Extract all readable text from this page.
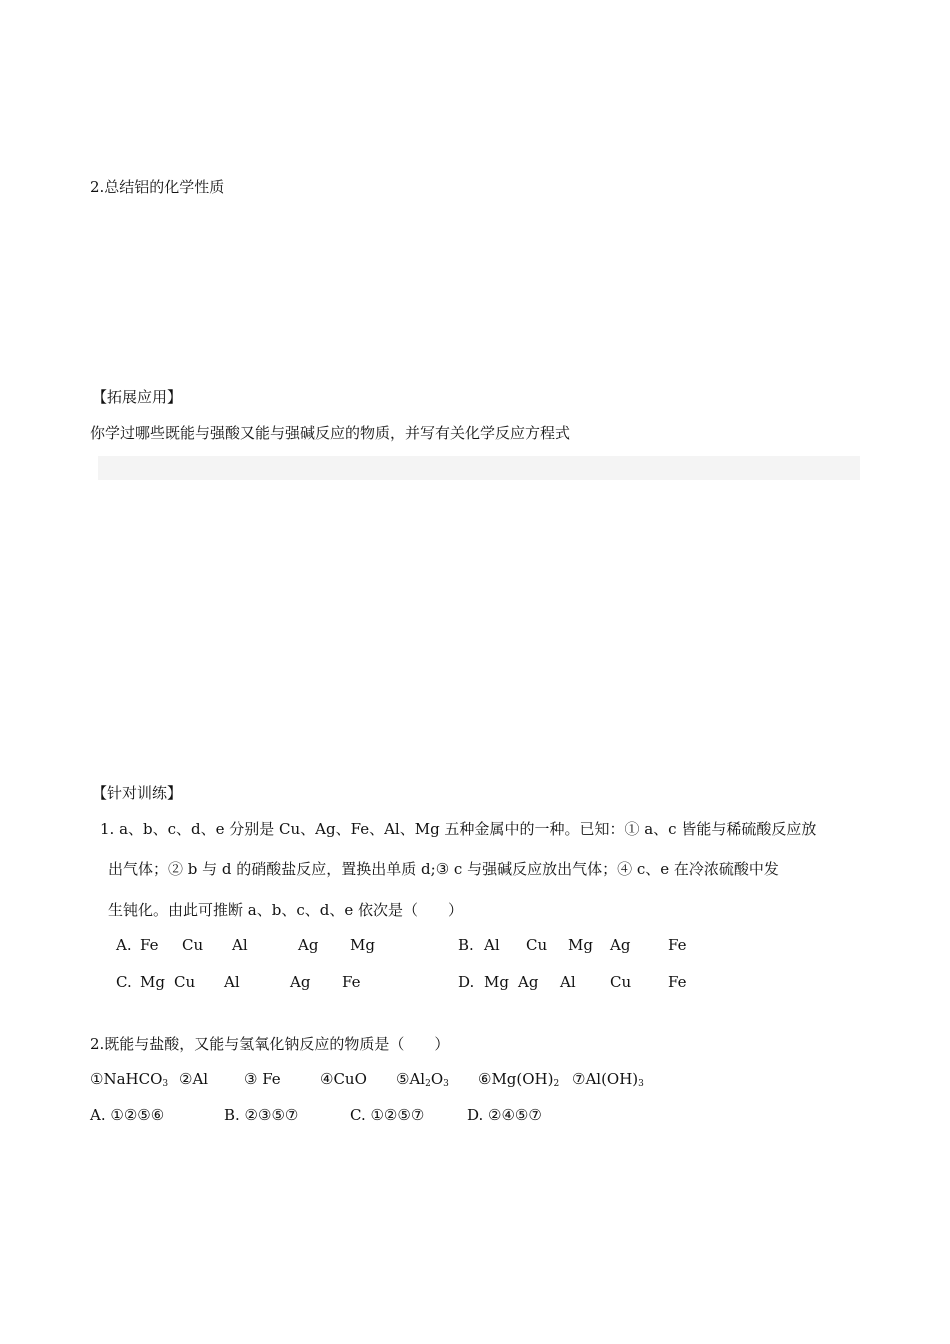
2.总结铝的化学性质
【拓展应用】
你学过哪些既能与强酸又能与强碱反应的物质，并写有关化学反应方程式
【针对训练】
1. a、b、c、d、e 分别是 Cu、Ag、Fe、Al、Mg 五种金属中的一种。已知：① a、c 皆能与稀硫酸反应放
出气体；② b 与 d 的硝酸盐反应，置换出单质 d;③ c 与强碱反应放出气体；④ c、e 在冷浓硫酸中发
生钝化。由此可推断 a、b、c、d、e 依次是（　　）
A. Fe Cu Al	Ag Mg	B. Al Cu Mg Ag	Fe
C. Mg Cu Al	Ag Fe	D. Mg Ag Al Cu Fe
2.既能与盐酸，又能与氢氧化钠反应的物质是（　　）
①NaHCO$_3$ ②Al ③ Fe	④CuO $⑤Al_2O_3$ $⑥Mg(OH)_2$ $⑦Al(OH)_3$
A. ①②⑤⑥	B. ②③⑤⑦	C. ①②⑤⑦	D. ②④⑤⑦
